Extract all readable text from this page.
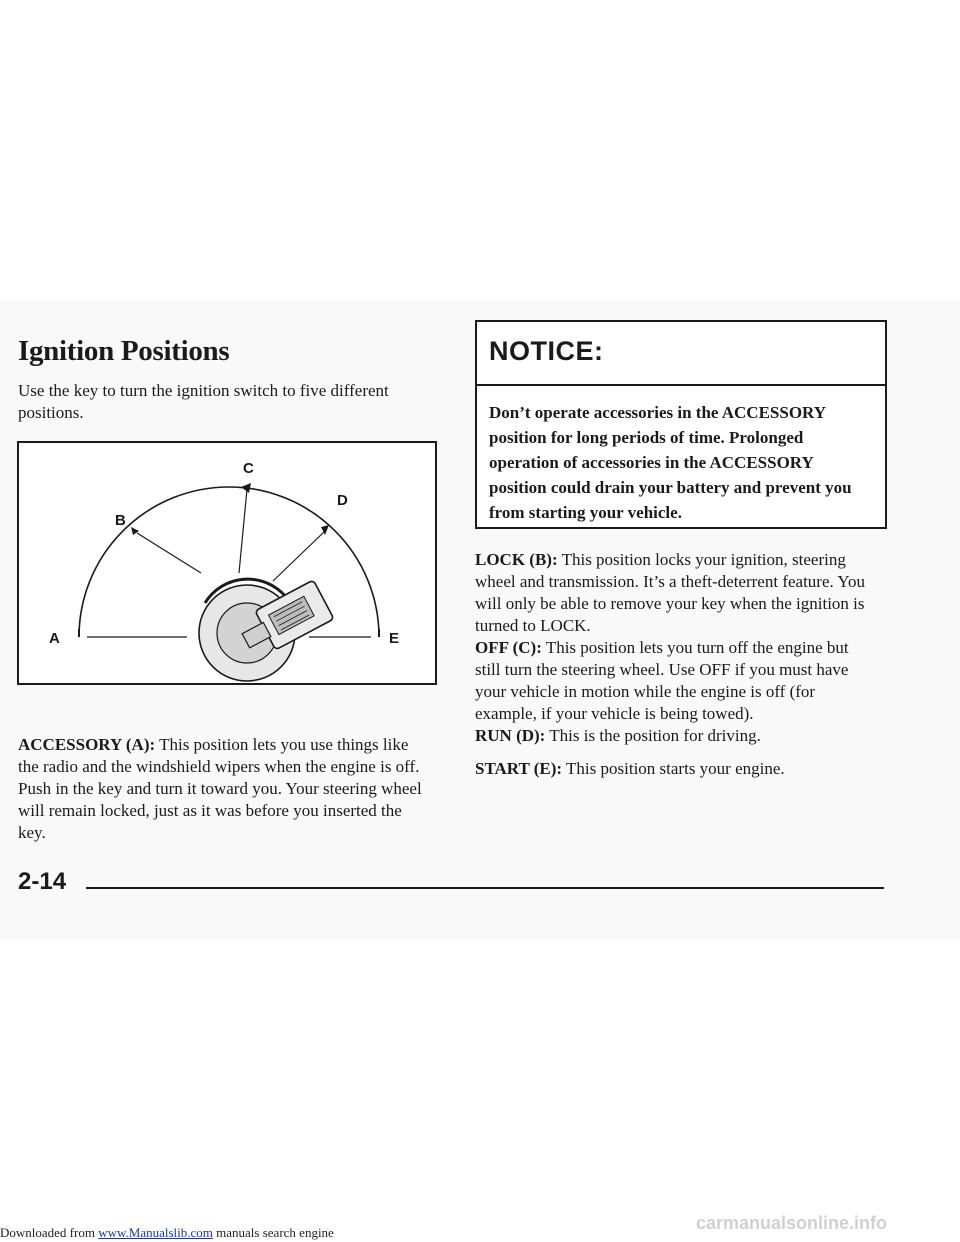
Ignition Positions

Use the key to turn the ignition switch to five different positions.

A
B
C
D
E

ACCESSORY (A): This position lets you use things like the radio and the windshield wipers when the engine is off. Push in the key and turn it toward you. Your steering wheel will remain locked, just as it was before you inserted the key.

NOTICE:
Don’t operate accessories in the ACCESSORY position for long periods of time. Prolonged operation of accessories in the ACCESSORY position could drain your battery and prevent you from starting your vehicle.

LOCK (B): This position locks your ignition, steering wheel and transmission. It’s a theft-deterrent feature. You will only be able to remove your key when the ignition is turned to LOCK.

OFF (C): This position lets you turn off the engine but still turn the steering wheel. Use OFF if you must have your vehicle in motion while the engine is off (for example, if your vehicle is being towed).

RUN (D): This is the position for driving.

START (E): This position starts your engine.

2-14

Downloaded from www.Manualslib.com manuals search engine	carmanualsonline.info
